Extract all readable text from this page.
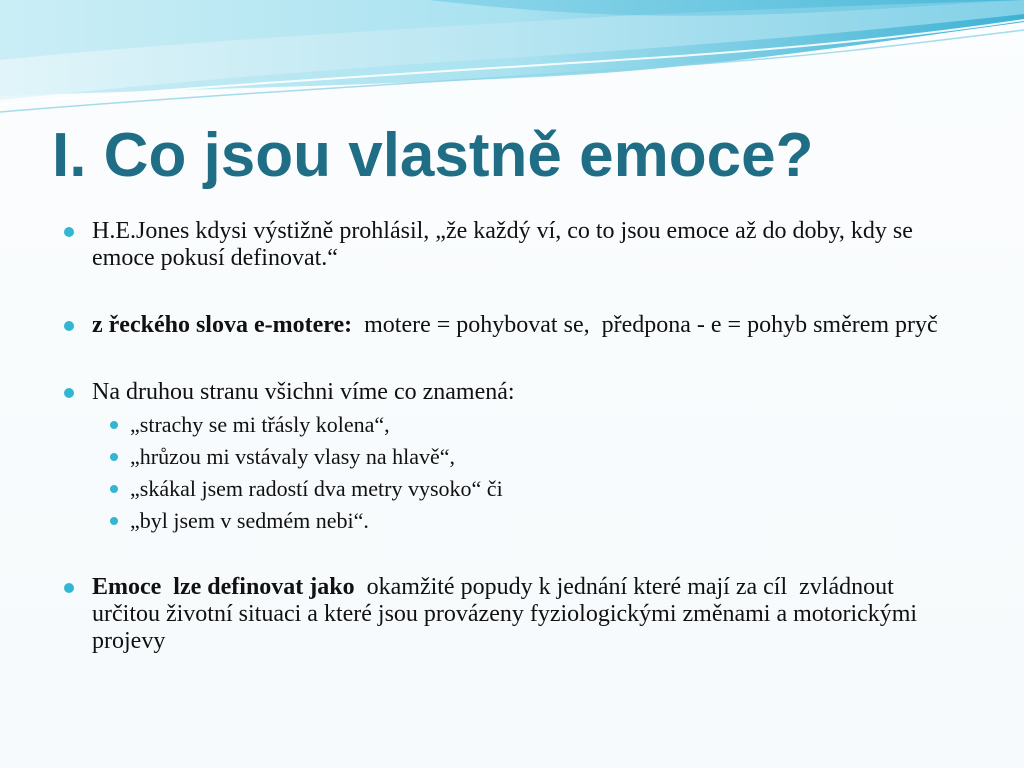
I. Co jsou vlastně emoce?
H.E.Jones kdysi výstižně prohlásil, „že každý ví, co to jsou emoce až do doby, kdy se emoce pokusí definovat.“
z řeckého slova e-motere:  motere = pohybovat se,  předpona - e = pohyb směrem pryč
Na druhou stranu všichni víme co znamená:
„strachy se mi třásly kolena“,
„hrůzou mi vstávaly vlasy na hlavě“,
„skákal jsem radostí dva metry vysoko“ či
„byl jsem v sedmém nebi“.
Emoce  lze definovat jako  okamžité popudy k jednání které mají za cíl  zvládnout určitou životní situaci a které jsou provázeny fyziologickými změnami a motorickými projevy
